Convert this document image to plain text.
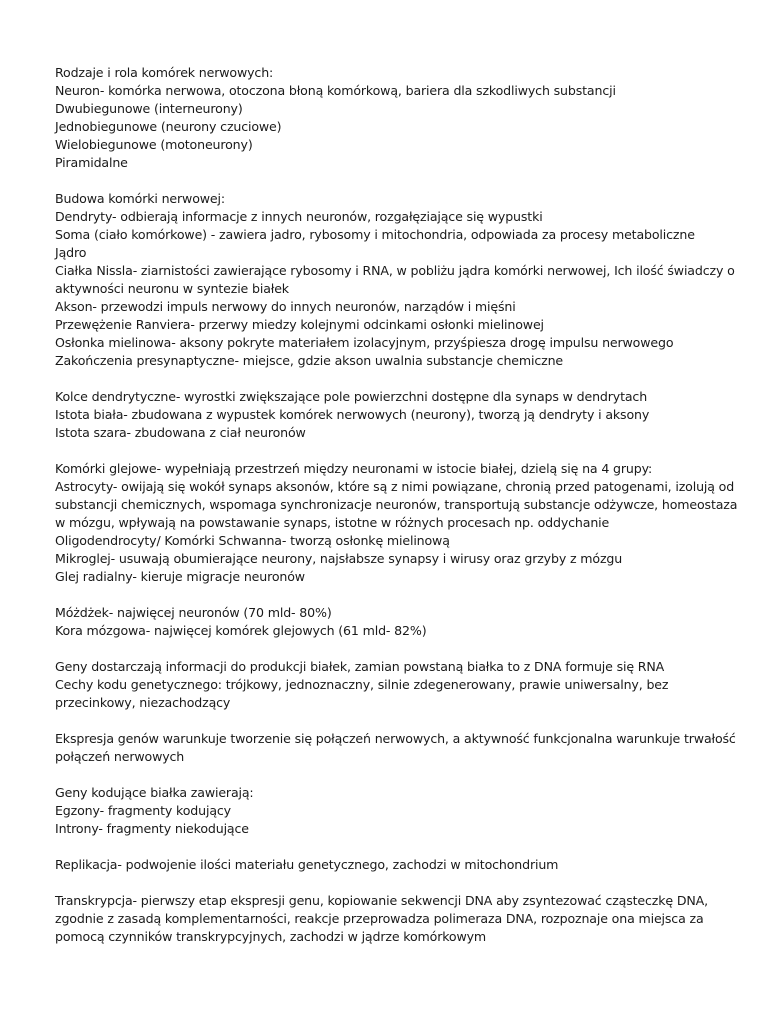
Rodzaje i rola komórek nerwowych:
Neuron- komórka nerwowa, otoczona błoną komórkową, bariera dla szkodliwych substancji
Dwubiegunowe (interneurony)
Jednobiegunowe (neurony czuciowe)
Wielobiegunowe (motoneurony)
Piramidalne
Budowa komórki nerwowej:
Dendryty- odbierają informacje z innych neuronów, rozgałęziające się wypustki
Soma (ciało komórkowe) - zawiera jadro, rybosomy i mitochondria, odpowiada za procesy metaboliczne
Jądro
Ciałka Nissla- ziarnistości zawierające rybosomy i RNA, w pobliżu jądra komórki nerwowej, Ich ilość świadczy o aktywności neuronu w syntezie białek
Akson- przewodzi impuls nerwowy do innych neuronów, narządów i mięśni
Przewężenie Ranviera- przerwy miedzy kolejnymi odcinkami osłonki mielinowej
Osłonka mielinowa- aksony pokryte materiałem izolacyjnym, przyśpiesza drogę impulsu nerwowego
Zakończenia presynaptyczne- miejsce, gdzie akson uwalnia substancje chemiczne
Kolce dendrytyczne- wyrostki zwiększające pole powierzchni dostępne dla synaps w dendrytach
Istota biała- zbudowana z wypustek komórek nerwowych (neurony), tworzą ją dendryty i aksony
Istota szara- zbudowana z ciał neuronów
Komórki glejowe- wypełniają przestrzeń między neuronami w istocie białej, dzielą się na 4 grupy:
Astrocyty- owijają się wokół synaps aksonów, które są z nimi powiązane, chronią przed patogenami, izolują od substancji chemicznych, wspomaga synchronizacje neuronów, transportują substancje odżywcze, homeostaza w mózgu, wpływają na powstawanie synaps, istotne w różnych procesach np. oddychanie
Oligodendrocyty/ Komórki Schwanna- tworzą osłonkę mielinową
Mikroglej- usuwają obumierające neurony, najsłabsze synapsy i wirusy oraz grzyby z mózgu
Glej radialny- kieruje migracje neuronów
Móżdżek- najwięcej neuronów (70 mld- 80%)
Kora mózgowa- najwięcej komórek glejowych (61 mld- 82%)
Geny dostarczają informacji do produkcji białek, zamian powstaną białka to z DNA formuje się RNA
Cechy kodu genetycznego: trójkowy, jednoznaczny, silnie zdegenerowany, prawie uniwersalny, bez przecinkowy, niezachodzący
Ekspresja genów warunkuje tworzenie się połączeń nerwowych, a aktywność funkcjonalna warunkuje trwałość połączeń nerwowych
Geny kodujące białka zawierają:
Egzony- fragmenty kodujący
Introny- fragmenty niekodujące
Replikacja- podwojenie ilości materiału genetycznego, zachodzi w mitochondrium
Transkrypcja- pierwszy etap ekspresji genu, kopiowanie sekwencji DNA aby zsyntezować cząsteczkę DNA, zgodnie z zasadą komplementarności, reakcje przeprowadza polimeraza DNA, rozpoznaje ona miejsca za pomocą czynników transkrypcyjnych, zachodzi w jądrze komórkowym
